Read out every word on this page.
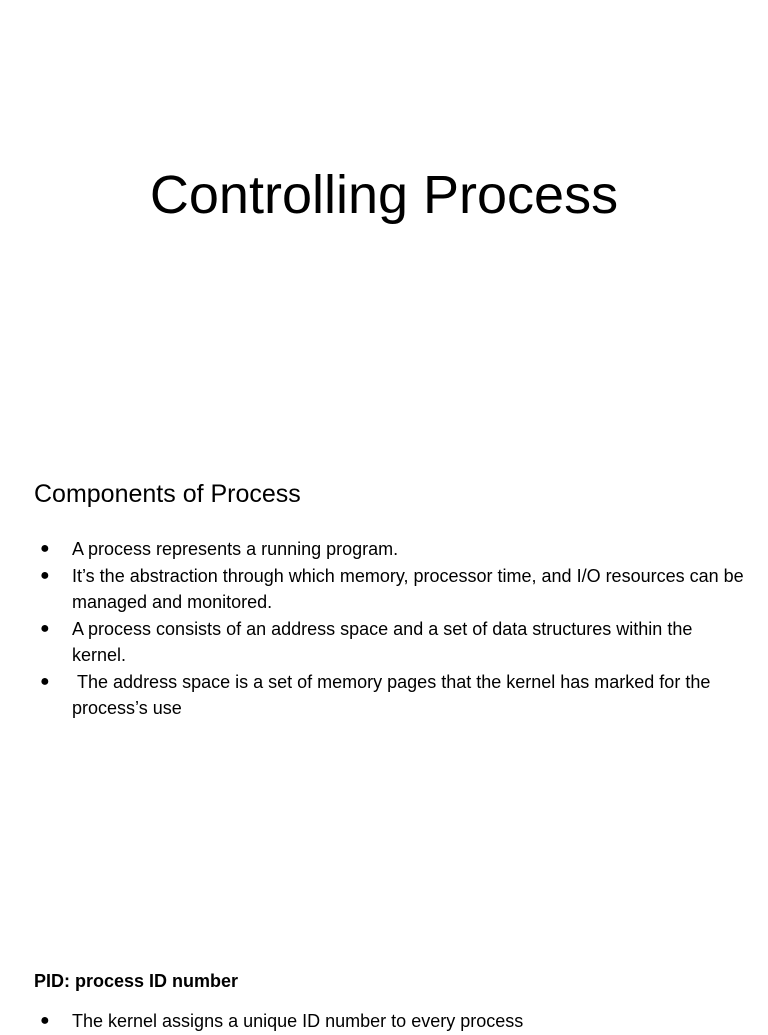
Controlling Process
Components of Process
● A process represents a running program.
● It’s the abstraction through which memory, processor time, and I/O resources can be managed and monitored.
● A process consists of an address space and a set of data structures within the kernel.
● The address space is a set of memory pages that the kernel has marked for the process’s use
PID: process ID number
● The kernel assigns a unique ID number to every process
